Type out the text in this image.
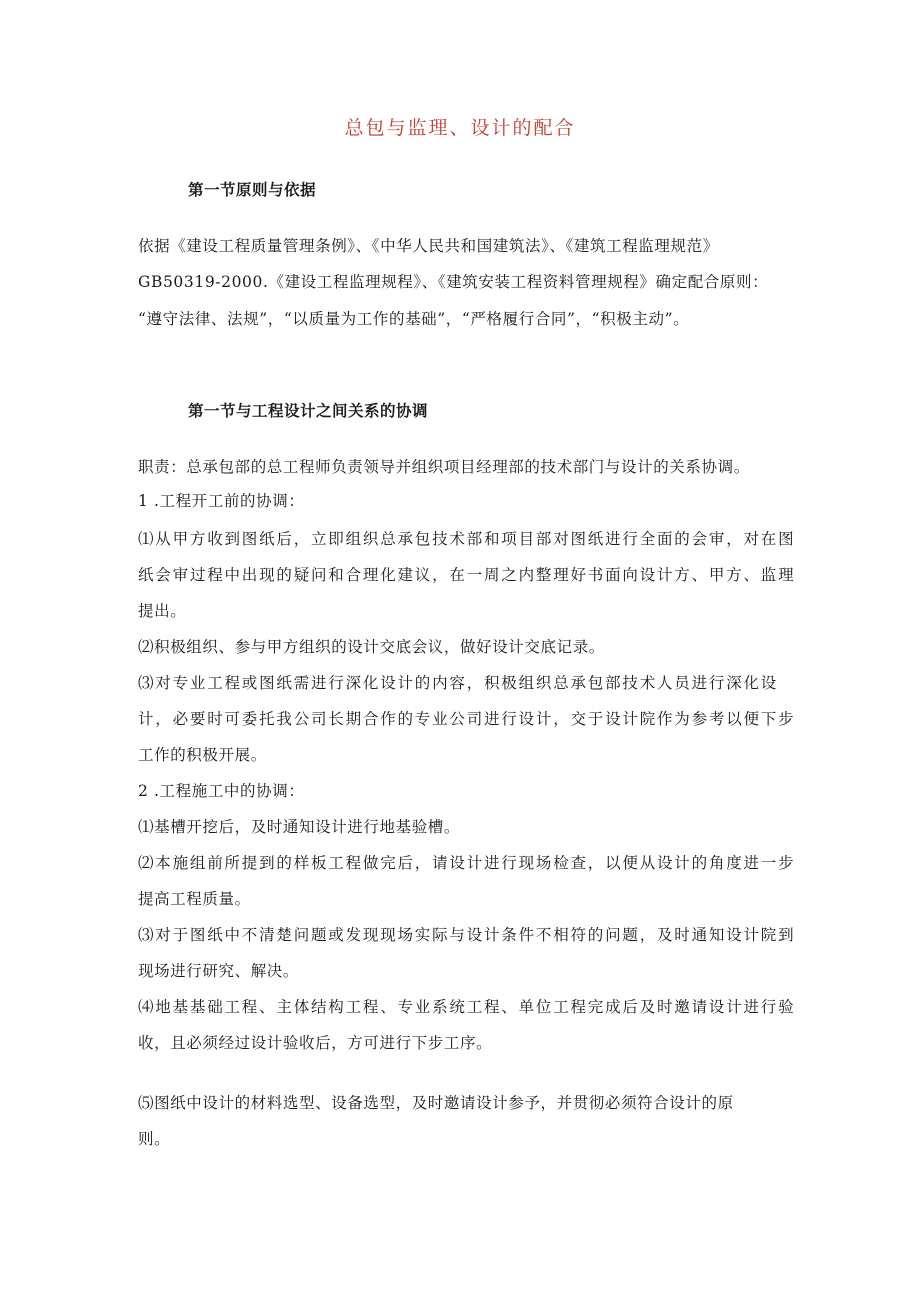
总包与监理、设计的配合
第一节原则与依据
依据《建设工程质量管理条例》、《中华人民共和国建筑法》、《建筑工程监理规范》
GB50319-2000.《建设工程监理规程》、《建筑安装工程资料管理规程》确定配合原则：
“遵守法律、法规”，“以质量为工作的基础”，“严格履行合同”，“积极主动”。
第一节与工程设计之间关系的协调
职责：总承包部的总工程师负责领导并组织项目经理部的技术部门与设计的关系协调。
1 .工程开工前的协调：
⑴从甲方收到图纸后，立即组织总承包技术部和项目部对图纸进行全面的会审，对在图
纸会审过程中出现的疑问和合理化建议，在一周之内整理好书面向设计方、甲方、监理
提出。
⑵积极组织、参与甲方组织的设计交底会议，做好设计交底记录。
⑶对专业工程或图纸需进行深化设计的内容，积极组织总承包部技术人员进行深化设
计，必要时可委托我公司长期合作的专业公司进行设计，交于设计院作为参考以便下步
工作的积极开展。
2 .工程施工中的协调：
⑴基槽开挖后，及时通知设计进行地基验槽。
⑵本施组前所提到的样板工程做完后，请设计进行现场检查，以便从设计的角度进一步
提高工程质量。
⑶对于图纸中不清楚问题或发现现场实际与设计条件不相符的问题，及时通知设计院到
现场进行研究、解决。
⑷地基基础工程、主体结构工程、专业系统工程、单位工程完成后及时邀请设计进行验
收，且必须经过设计验收后，方可进行下步工序。
⑸图纸中设计的材料选型、设备选型，及时邀请设计参予，并贯彻必须符合设计的原
则。
